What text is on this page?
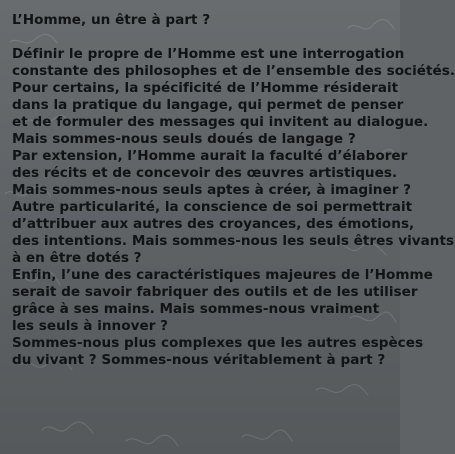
L’Homme, un être à part ?
Définir le propre de l’Homme est une interrogation
constante des philosophes et de l’ensemble des sociétés.
Pour certains, la spécificité de l’Homme résiderait
dans la pratique du langage, qui permet de penser
et de formuler des messages qui invitent au dialogue.
Mais sommes-nous seuls doués de langage ?
Par extension, l’Homme aurait la faculté d’élaborer
des récits et de concevoir des œuvres artistiques.
Mais sommes-nous seuls aptes à créer, à imaginer ?
Autre particularité, la conscience de soi permettrait
d’attribuer aux autres des croyances, des émotions,
des intentions. Mais sommes-nous les seuls êtres vivants
à en être dotés ?
Enfin, l’une des caractéristiques majeures de l’Homme
serait de savoir fabriquer des outils et de les utiliser
grâce à ses mains. Mais sommes-nous vraiment
les seuls à innover ?
Sommes-nous plus complexes que les autres espèces
du vivant ? Sommes-nous véritablement à part ?
